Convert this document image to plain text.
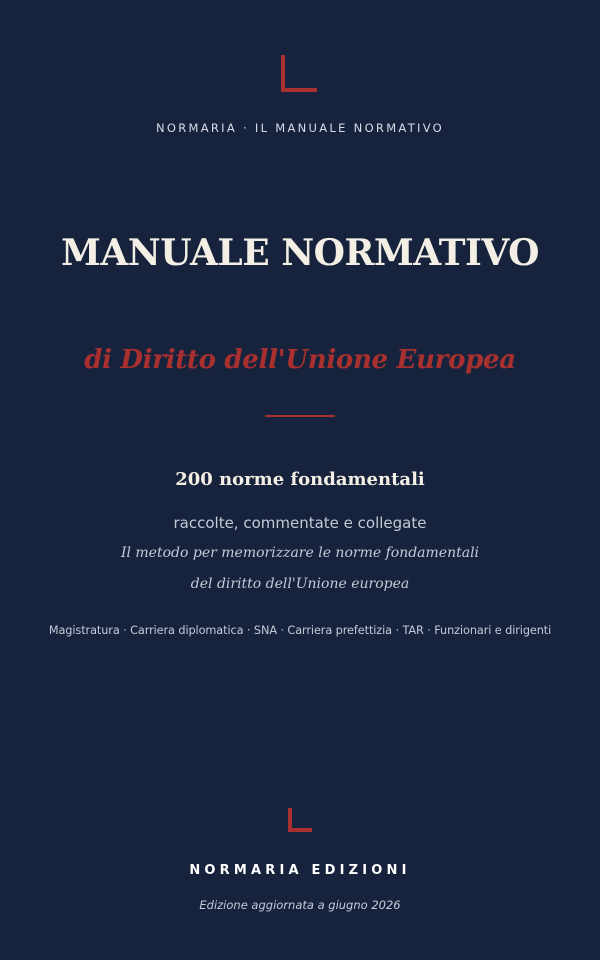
NORMARIA · IL MANUALE NORMATIVO
MANUALE NORMATIVO
di Diritto dell'Unione Europea
200 norme fondamentali
raccolte, commentate e collegate
Il metodo per memorizzare le norme fondamentali
del diritto dell'Unione europea
Magistratura · Carriera diplomatica · SNA · Carriera prefettizia · TAR · Funzionari e dirigenti
NORMARIA EDIZIONI
Edizione aggiornata a giugno 2026
